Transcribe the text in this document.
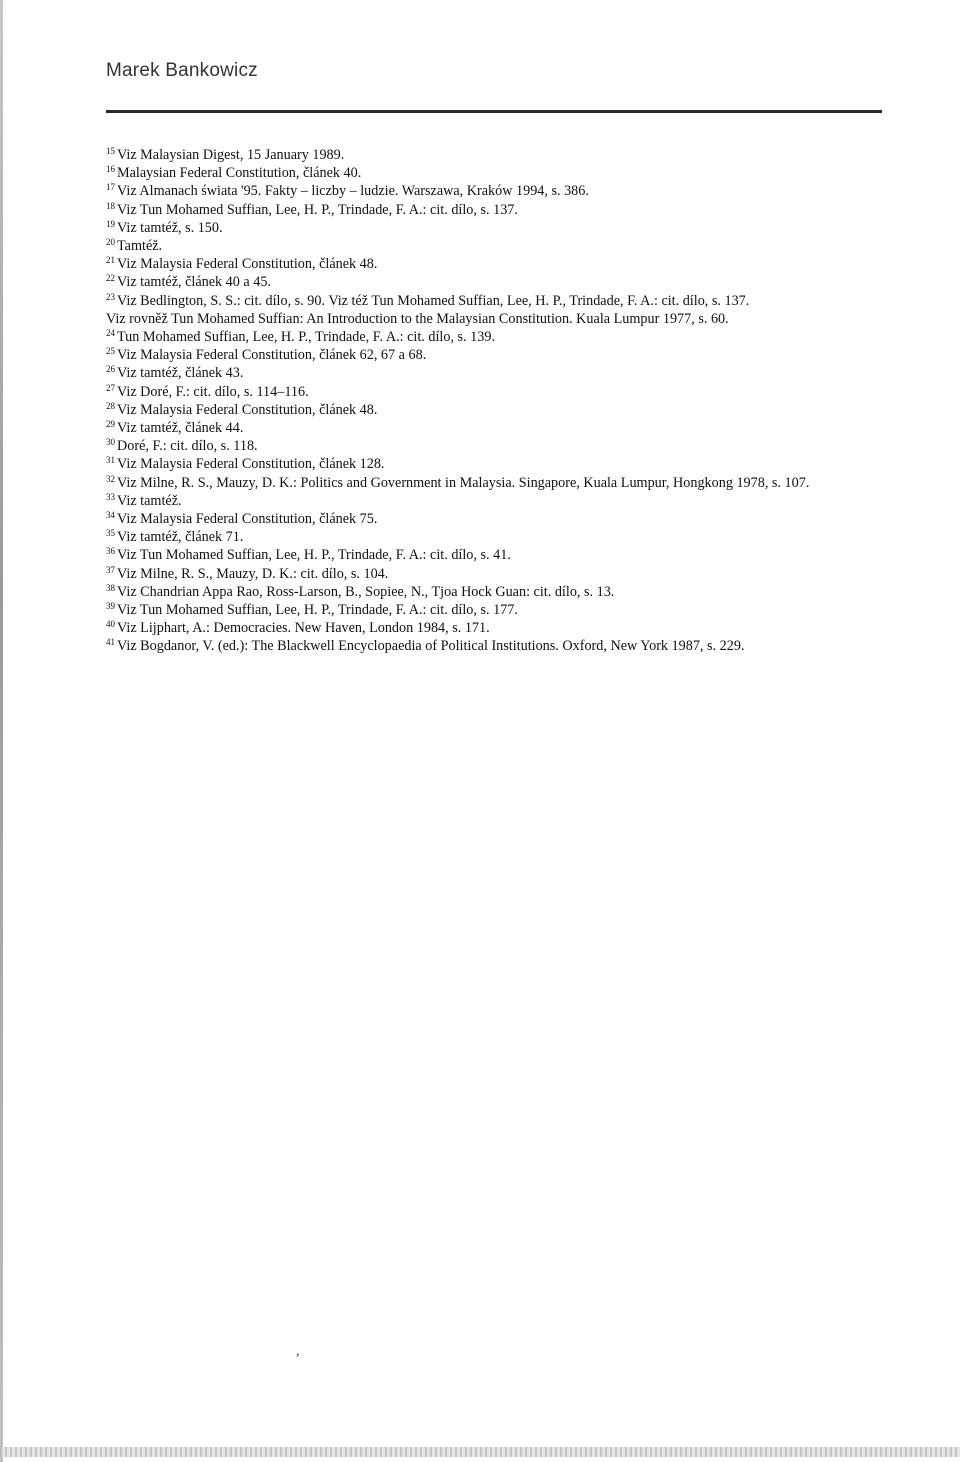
Marek Bankowicz

$^{15}$ Viz Malaysian Digest, 15 January 1989.

$^{16}$ Malaysian Federal Constitution, článek 40.

$^{17}$ Viz Almanach świata '95. Fakty – liczby – ludzie. Warszawa, Kraków 1994, s. 386.

$^{18}$ Viz Tun Mohamed Suffian, Lee, H. P., Trindade, F. A.: cit. dílo, s. 137.

$^{19}$ Viz tamtéž, s. 150.

$^{20}$ Tamtéž.

$^{21}$ Viz Malaysia Federal Constitution, článek 48.

$^{22}$ Viz tamtéž, článek 40 a 45.

$^{23}$ Viz Bedlington, S. S.: cit. dílo, s. 90. Viz též Tun Mohamed Suffian, Lee, H. P., Trindade, F. A.: cit. dílo, s. 137.

Viz rovněž Tun Mohamed Suffian: An Introduction to the Malaysian Constitution. Kuala Lumpur 1977, s. 60.

$^{24}$ Tun Mohamed Suffian, Lee, H. P., Trindade, F. A.: cit. dílo, s. 139.

$^{25}$ Viz Malaysia Federal Constitution, článek 62, 67 a 68.

$^{26}$ Viz tamtéž, článek 43.

$^{27}$ Viz Doré, F.: cit. dílo, s. 114–116.

$^{28}$ Viz Malaysia Federal Constitution, článek 48.

$^{29}$ Viz tamtéž, článek 44.

$^{30}$ Doré, F.: cit. dílo, s. 118.

$^{31}$ Viz Malaysia Federal Constitution, článek 128.

$^{32}$ Viz Milne, R. S., Mauzy, D. K.: Politics and Government in Malaysia. Singapore, Kuala Lumpur, Hongkong 1978, s. 107.

$^{33}$ Viz tamtéž.

$^{34}$ Viz Malaysia Federal Constitution, článek 75.

$^{35}$ Viz tamtéž, článek 71.

$^{36}$ Viz Tun Mohamed Suffian, Lee, H. P., Trindade, F. A.: cit. dílo, s. 41.

$^{37}$ Viz Milne, R. S., Mauzy, D. K.: cit. dílo, s. 104.

$^{38}$ Viz Chandrian Appa Rao, Ross-Larson, B., Sopiee, N., Tjoa Hock Guan: cit. dílo, s. 13.

$^{39}$ Viz Tun Mohamed Suffian, Lee, H. P., Trindade, F. A.: cit. dílo, s. 177.

$^{40}$ Viz Lijphart, A.: Democracies. New Haven, London 1984, s. 171.

$^{41}$ Viz Bogdanor, V. (ed.): The Blackwell Encyclopaedia of Political Institutions. Oxford, New York 1987, s. 229.

,
